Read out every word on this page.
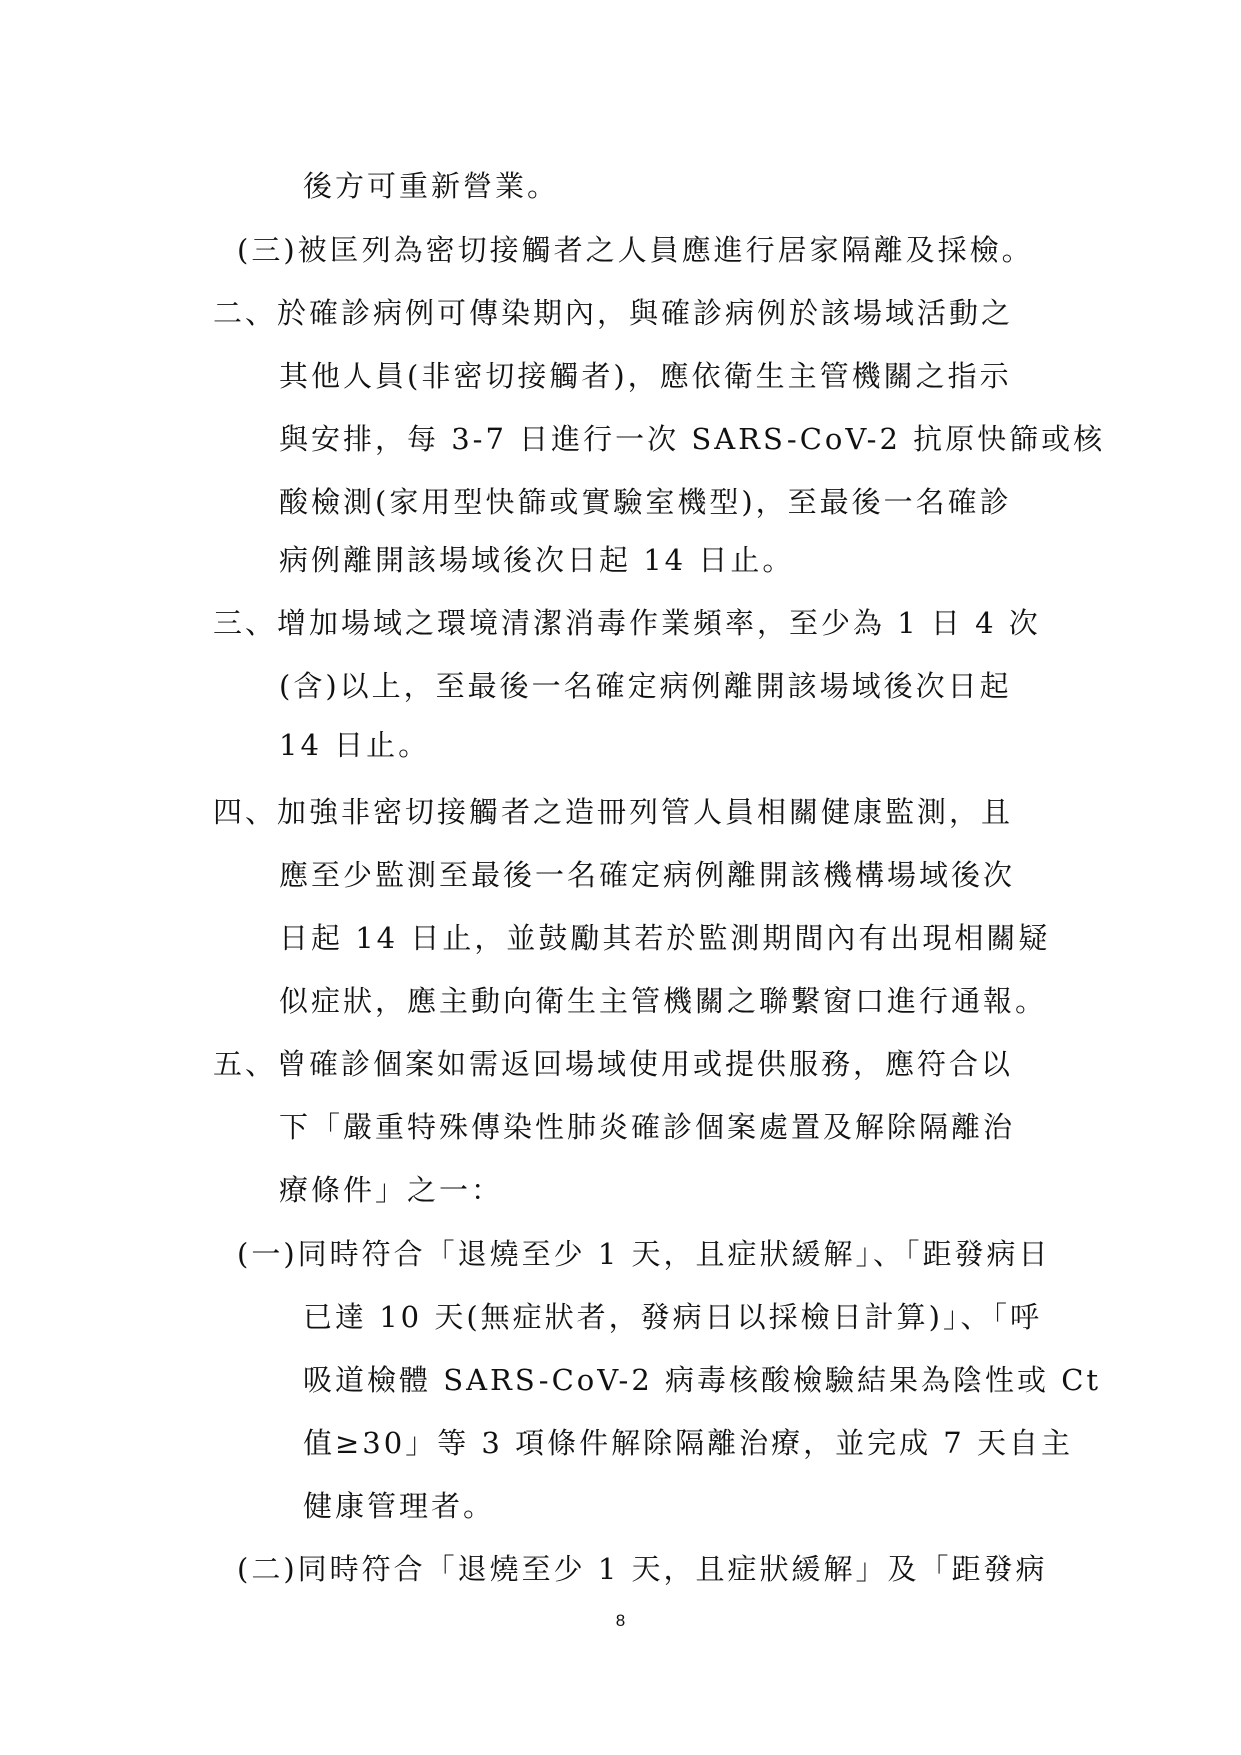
後方可重新營業。
(三)被匡列為密切接觸者之人員應進行居家隔離及採檢。
二、於確診病例可傳染期內，與確診病例於該場域活動之
其他人員(非密切接觸者)，應依衛生主管機關之指示
與安排，每 3-7 日進行一次 SARS-CoV-2 抗原快篩或核
酸檢測(家用型快篩或實驗室機型)，至最後一名確診
病例離開該場域後次日起 14 日止。
三、增加場域之環境清潔消毒作業頻率，至少為 1 日 4 次
(含)以上，至最後一名確定病例離開該場域後次日起
14 日止。
四、加強非密切接觸者之造冊列管人員相關健康監測，且
應至少監測至最後一名確定病例離開該機構場域後次
日起 14 日止，並鼓勵其若於監測期間內有出現相關疑
似症狀，應主動向衛生主管機關之聯繫窗口進行通報。
五、曾確診個案如需返回場域使用或提供服務，應符合以
下「嚴重特殊傳染性肺炎確診個案處置及解除隔離治
療條件」之一：
(一)同時符合「退燒至少 1 天，且症狀緩解」、「距發病日
已達 10 天(無症狀者，發病日以採檢日計算)」、「呼
吸道檢體 SARS-CoV-2 病毒核酸檢驗結果為陰性或 Ct
值≥30」等 3 項條件解除隔離治療，並完成 7 天自主
健康管理者。
(二)同時符合「退燒至少 1 天，且症狀緩解」及「距發病
8
